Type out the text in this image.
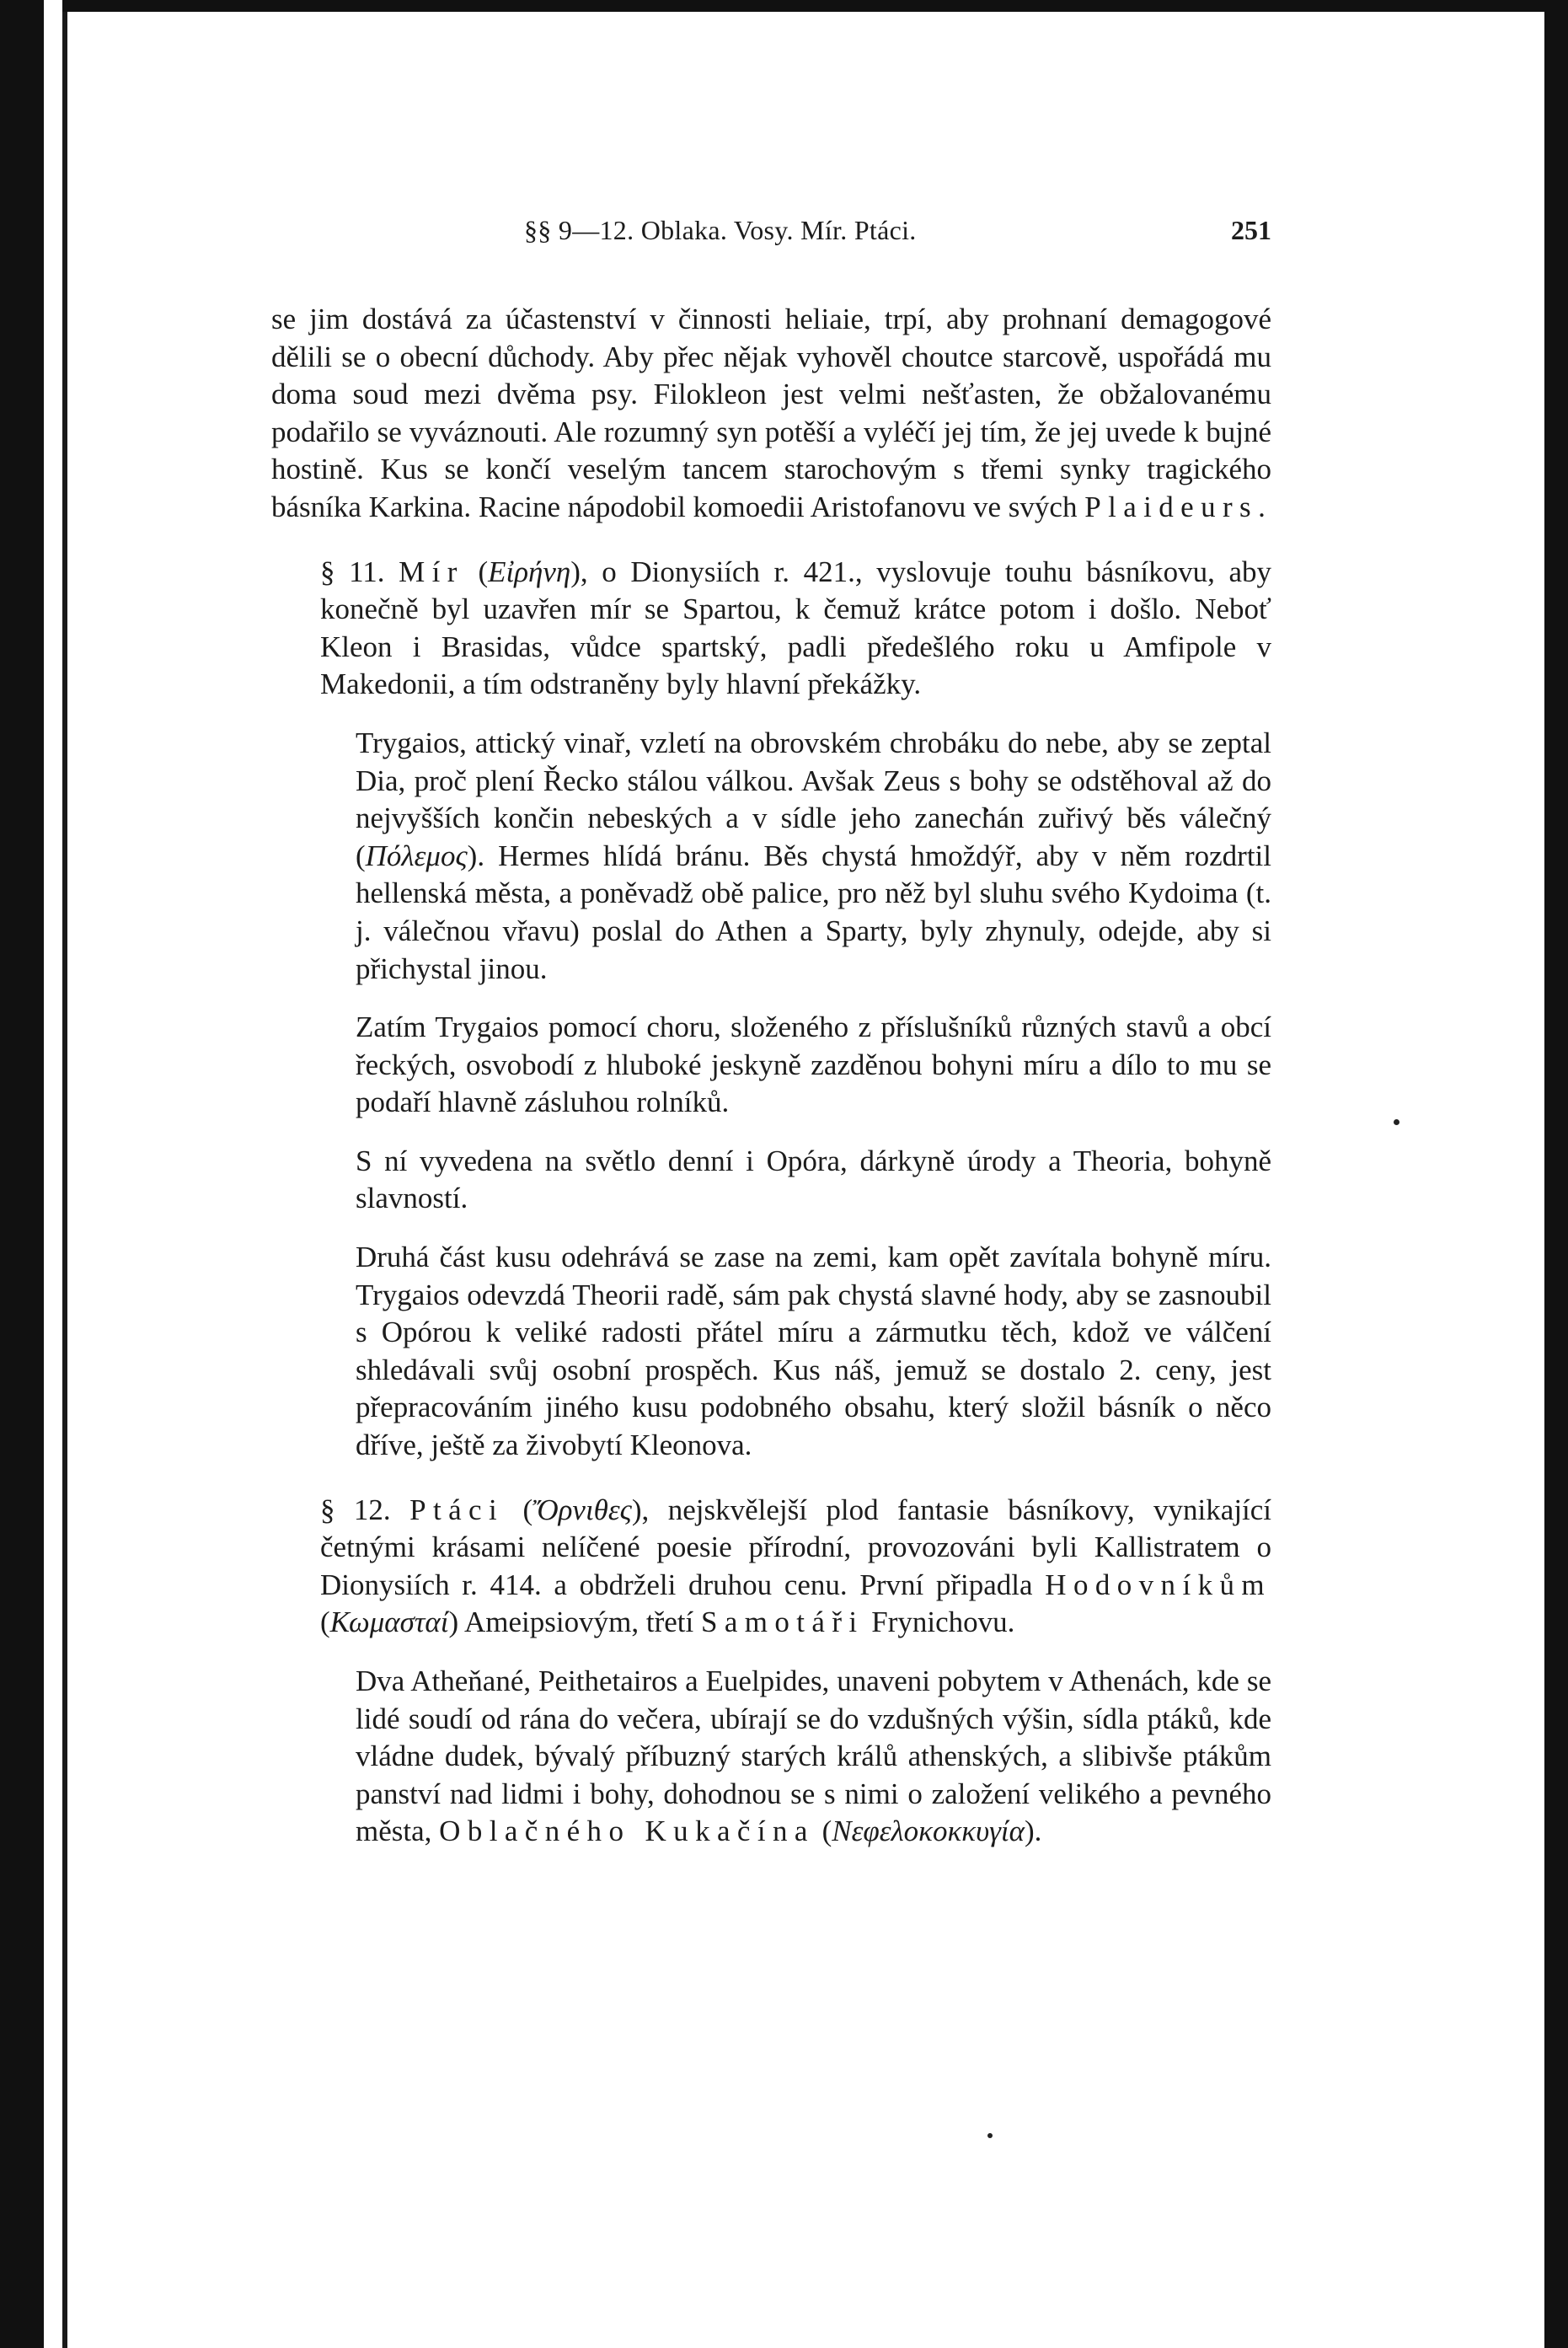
§§ 9—12. Oblaka. Vosy. Mír. Ptáci.	251

se jim dostává za účastenství v činnosti heliaie, trpí, aby prohnaní demagogové dělili se o obecní důchody. Aby přec nějak vyhověl choutce starcově, uspořádá mu doma soud mezi dvěma psy. Filokleon jest velmi nešťasten, že obžalovanému podařilo se vyváznouti. Ale rozumný syn potěší a vyléčí jej tím, že jej uvede k bujné hostině. Kus se končí veselým tancem starochovým s třemi synky tragického básníka Karkina. Racine nápodobil komoedii Aristofanovu ve svých Plaideurs.

§ 11. Mír (Εἰρήνη), o Dionysiích r. 421., vyslovuje touhu básníkovu, aby konečně byl uzavřen mír se Spartou, k čemuž krátce potom i došlo. Neboť Kleon i Brasidas, vůdce spartský, padli předešlého roku u Amfipole v Makedonii, a tím odstraněny byly hlavní překážky.

Trygaios, attický vinař, vzletí na obrovském chrobáku do nebe, aby se zeptal Dia, proč plení Řecko stálou válkou. Avšak Zeus s bohy se odstěhoval až do nejvyšších končin nebeských a v sídle jeho zanechán zuřivý běs válečný (Πόλεμος). Hermes hlídá bránu. Běs chystá hmoždýř, aby v něm rozdrtil hellenská města, a poněvadž obě palice, pro něž byl sluhu svého Kydoima (t. j. válečnou vřavu) poslal do Athen a Sparty, byly zhynuly, odejde, aby si přichystal jinou.

Zatím Trygaios pomocí choru, složeného z příslušníků různých stavů a obcí řeckých, osvobodí z hluboké jeskyně zazděnou bohyni míru a dílo to mu se podaří hlavně zásluhou rolníků.

S ní vyvedena na světlo denní i Opóra, dárkyně úrody a Theoria, bohyně slavností.

Druhá část kusu odehrává se zase na zemi, kam opět zavítala bohyně míru. Trygaios odevzdá Theorii radě, sám pak chystá slavné hody, aby se zasnoubil s Opórou k veliké radosti přátel míru a zármutku těch, kdož ve válčení shledávali svůj osobní prospěch. Kus náš, jemuž se dostalo 2. ceny, jest přepracováním jiného kusu podobného obsahu, který složil básník o něco dříve, ještě za živobytí Kleonova.

§ 12. Ptáci (Ὄρνιθες), nejskvělejší plod fantasie básníkovy, vynikající četnými krásami nelíčené poesie přírodní, provozováni byli Kallistratem o Dionysiích r. 414. a obdrželi druhou cenu. První připadla Hodovníkům (Κωμασταί) Ameipsiovým, třetí Samotáři Frynichovu.

Dva Atheňané, Peithetairos a Euelpides, unaveni pobytem v Athenách, kde se lidé soudí od rána do večera, ubírají se do vzdušných výšin, sídla ptáků, kde vládne dudek, bývalý příbuzný starých králů athenských, a slibivše ptákům panství nad lidmi i bohy, dohodnou se s nimi o založení velikého a pevného města, Oblačného Kukačína (Νεφελοκοκκυγία).
